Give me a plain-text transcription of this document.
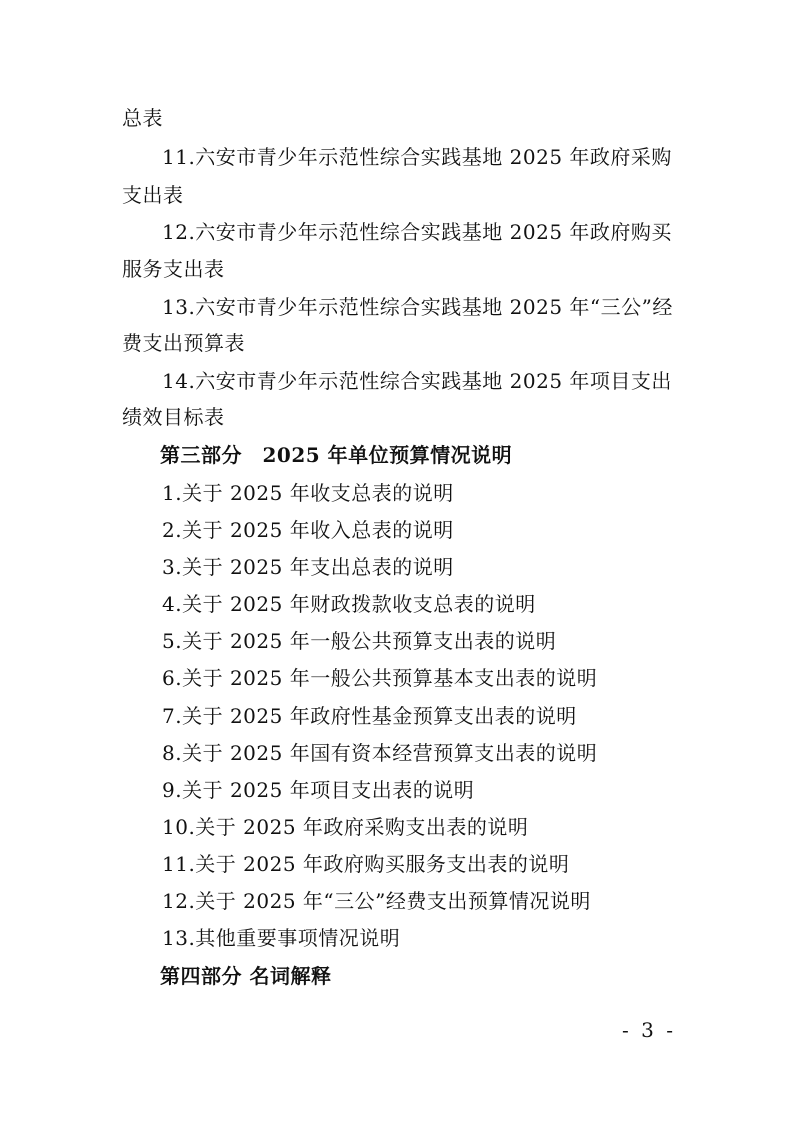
总表
11.六安市青少年示范性综合实践基地 2025 年政府采购
支出表
12.六安市青少年示范性综合实践基地 2025 年政府购买
服务支出表
13.六安市青少年示范性综合实践基地 2025 年“三公”经
费支出预算表
14.六安市青少年示范性综合实践基地 2025 年项目支出
绩效目标表
第三部分　2025 年单位预算情况说明
1.关于 2025 年收支总表的说明
2.关于 2025 年收入总表的说明
3.关于 2025 年支出总表的说明
4.关于 2025 年财政拨款收支总表的说明
5.关于 2025 年一般公共预算支出表的说明
6.关于 2025 年一般公共预算基本支出表的说明
7.关于 2025 年政府性基金预算支出表的说明
8.关于 2025 年国有资本经营预算支出表的说明
9.关于 2025 年项目支出表的说明
10.关于 2025 年政府采购支出表的说明
11.关于 2025 年政府购买服务支出表的说明
12.关于 2025 年“三公”经费支出预算情况说明
13.其他重要事项情况说明
第四部分 名词解释
- 3 -
